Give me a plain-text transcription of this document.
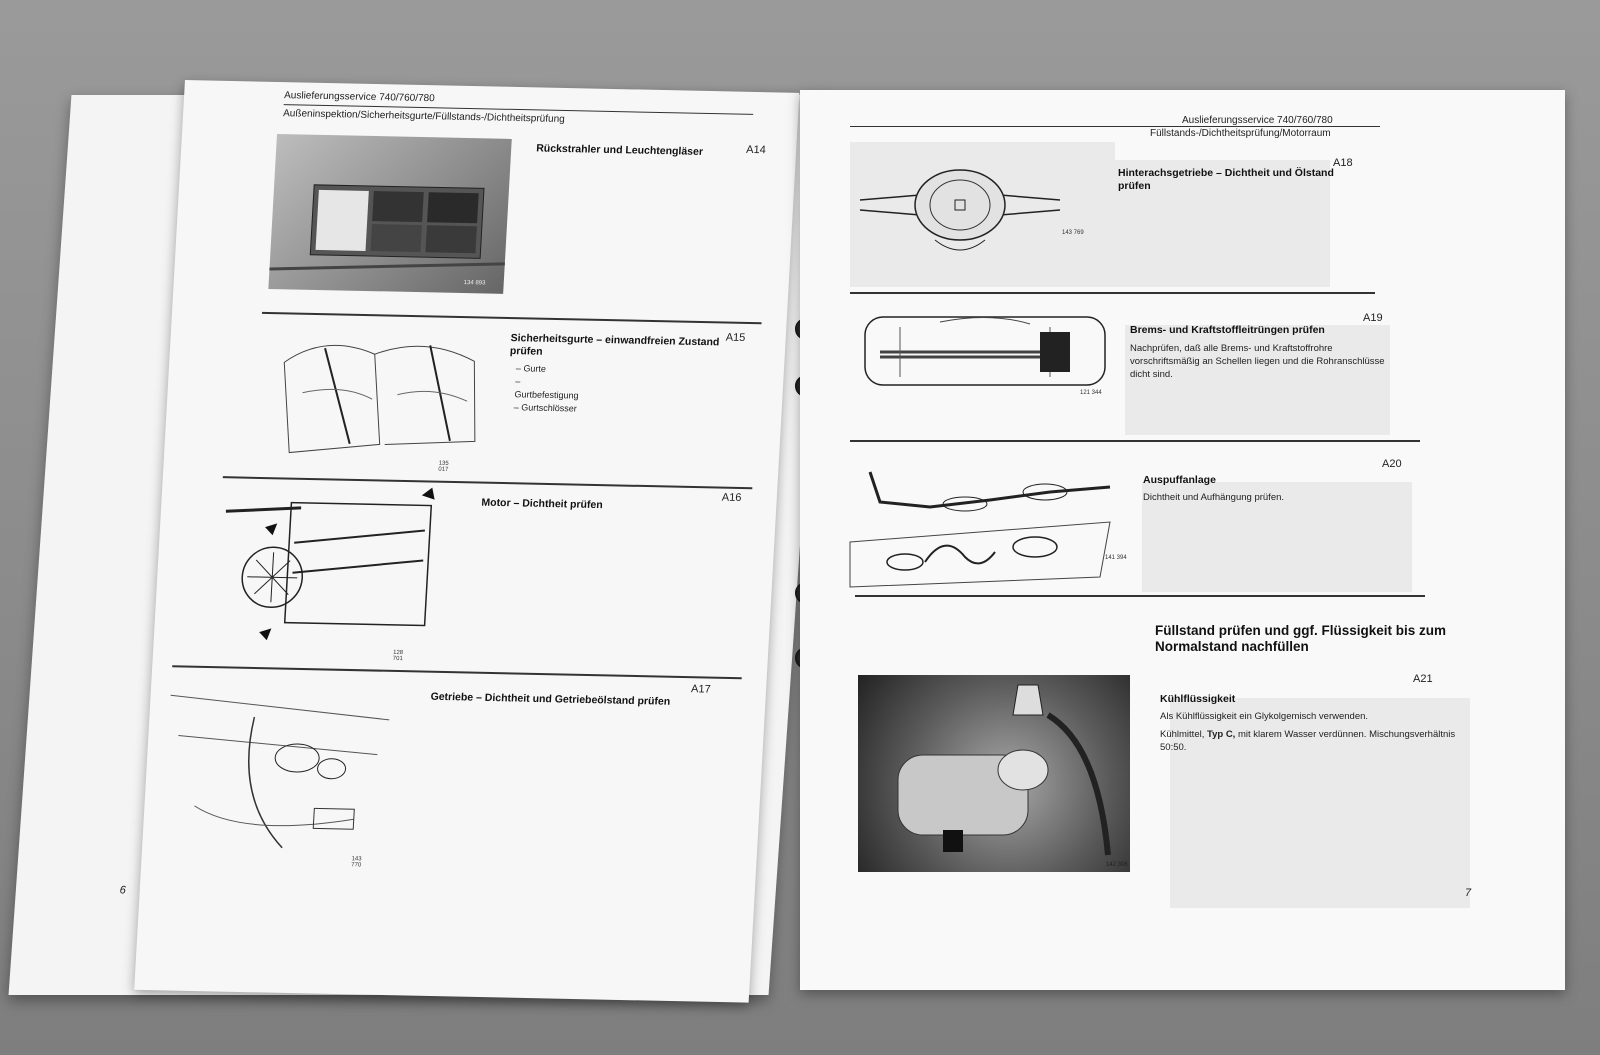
Auslieferungsservice 740/760/780
Außeninspektion/Sicherheitsgurte/Füllstands-/Dichtheitsprüfung
134 893
Rückstrahler und Leuchtengläser	A14
135 017
Sicherheitsgurte – einwandfreien Zustand prüfen
– Gurte
– Gurtbefestigung
– Gurtschlösser
A15
128 701
Motor – Dichtheit prüfen	A16
143 770
Getriebe – Dichtheit und Getriebeölstand prüfen
A17
6
Auslieferungsservice 740/760/780
Füllstands-/Dichtheitsprüfung/Motorraum
143 769
A18
Hinterachsgetriebe – Dichtheit und Ölstand prüfen
121 344
A19
Brems- und Kraftstoffleitrüngen prüfen
Nachprüfen, daß alle Brems- und Kraftstoffrohre vorschriftsmäßig an Schellen liegen und die Rohranschlüsse dicht sind.
141 394
A20
Auspuffanlage
Dichtheit und Aufhängung prüfen.
Füllstand prüfen und ggf. Flüssigkeit bis zum Normalstand nachfüllen
142 306
A21
Kühlflüssigkeit
Als Kühlflüssigkeit ein Glykolgemisch verwenden.
Kühlmittel, Typ C, mit klarem Wasser verdünnen. Mischungsverhältnis 50:50.
7
